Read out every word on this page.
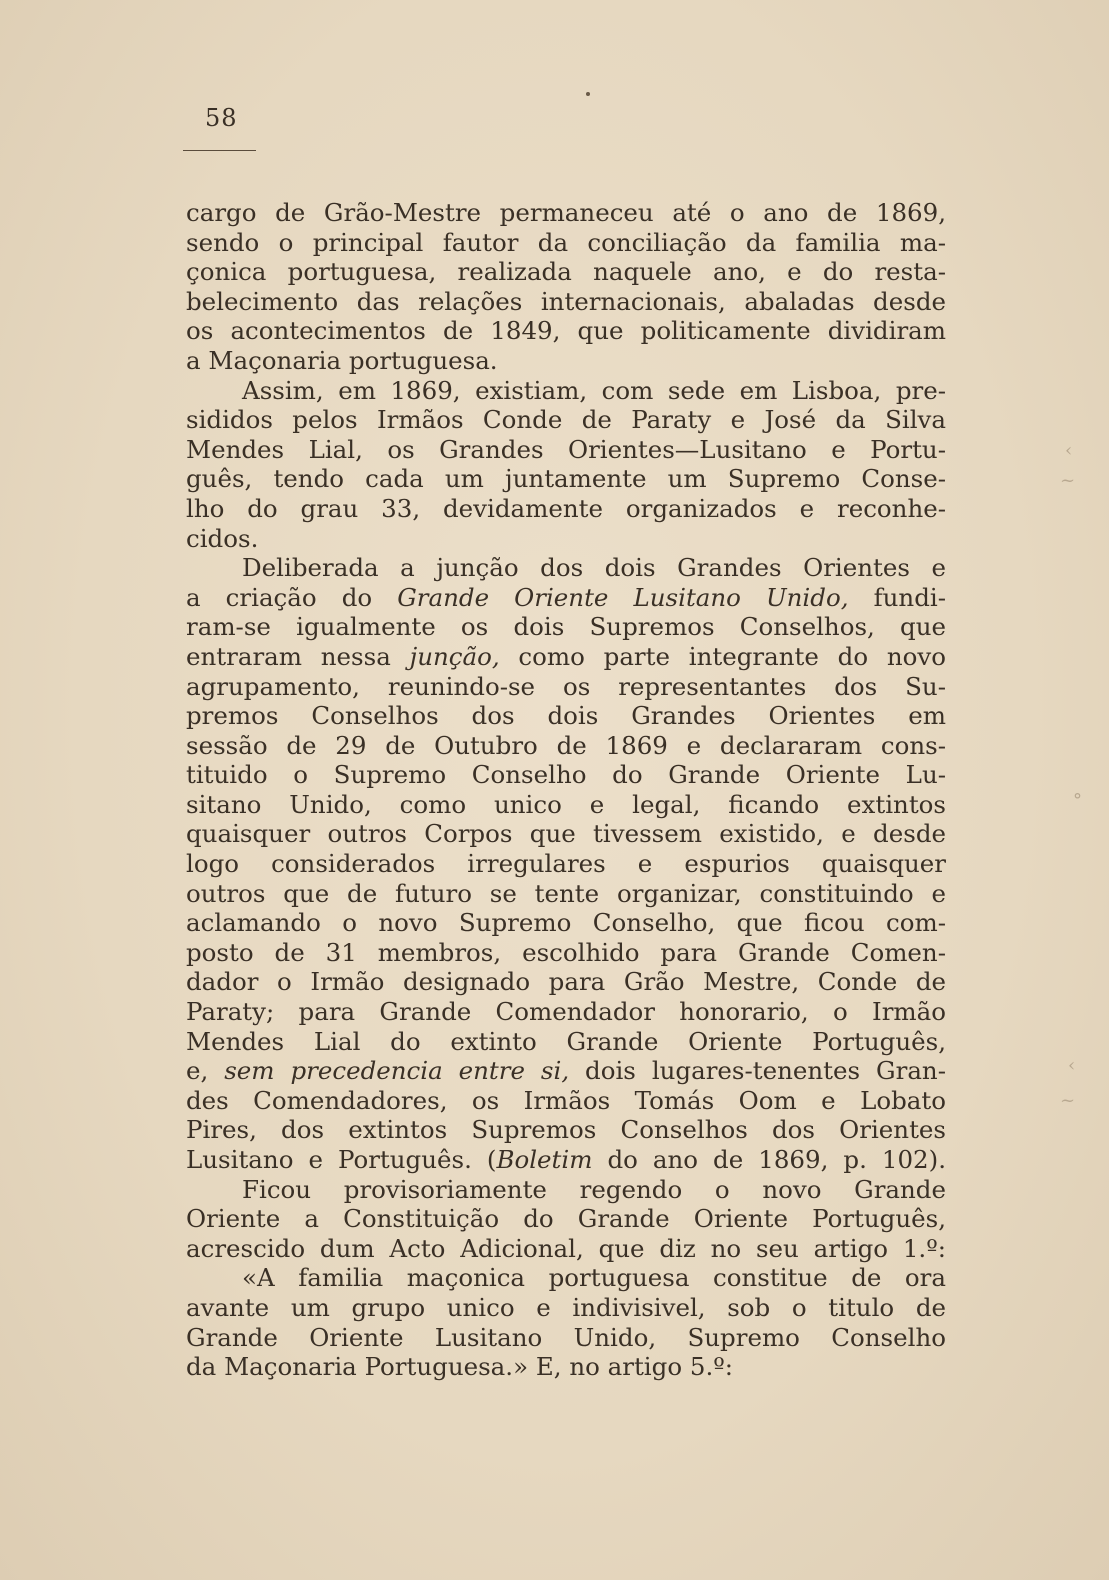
58
cargo de Grão-Mestre permaneceu até o ano de 1869,
sendo o principal fautor da conciliação da familia ma-
çonica portuguesa, realizada naquele ano, e do resta-
belecimento das relações internacionais, abaladas desde
os acontecimentos de 1849, que politicamente dividiram
a Maçonaria portuguesa.
Assim, em 1869, existiam, com sede em Lisboa, pre-
sididos pelos Irmãos Conde de Paraty e José da Silva
Mendes Lial, os Grandes Orientes—Lusitano e Portu-
guês, tendo cada um juntamente um Supremo Conse-
lho do grau 33, devidamente organizados e reconhe-
cidos.
Deliberada a junção dos dois Grandes Orientes e
a criação do Grande Oriente Lusitano Unido, fundi-
ram-se igualmente os dois Supremos Conselhos, que
entraram nessa junção, como parte integrante do novo
agrupamento, reunindo-se os representantes dos Su-
premos Conselhos dos dois Grandes Orientes em
sessão de 29 de Outubro de 1869 e declararam cons-
tituido o Supremo Conselho do Grande Oriente Lu-
sitano Unido, como unico e legal, ficando extintos
quaisquer outros Corpos que tivessem existido, e desde
logo considerados irregulares e espurios quaisquer
outros que de futuro se tente organizar, constituindo e
aclamando o novo Supremo Conselho, que ficou com-
posto de 31 membros, escolhido para Grande Comen-
dador o Irmão designado para Grão Mestre, Conde de
Paraty; para Grande Comendador honorario, o Irmão
Mendes Lial do extinto Grande Oriente Português,
e, sem precedencia entre si, dois lugares-tenentes Gran-
des Comendadores, os Irmãos Tomás Oom e Lobato
Pires, dos extintos Supremos Conselhos dos Orientes
Lusitano e Português. (Boletim do ano de 1869, p. 102).
Ficou provisoriamente regendo o novo Grande
Oriente a Constituição do Grande Oriente Português,
acrescido dum Acto Adicional, que diz no seu artigo 1.º:
«A familia maçonica portuguesa constitue de ora
avante um grupo unico e indivisivel, sob o titulo de
Grande Oriente Lusitano Unido, Supremo Conselho
da Maçonaria Portuguesa.» E, no artigo 5.º:
‹
~
°
‹
~
